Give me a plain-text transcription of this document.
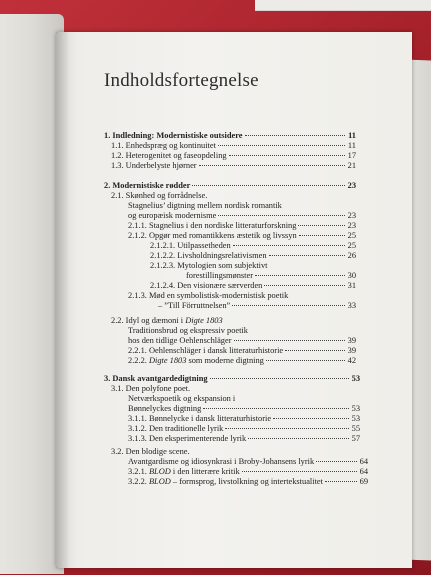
Indholdsfortegnelse
1. Indledning: Modernistiske outsidere	11
1.1. Enhedspræg og kontinuitet	11
1.2. Heterogenitet og faseopdeling	17
1.3. Underbelyste hjørner	21
2. Modernistiske rødder	23
2.1. Skønhed og forrådnelse.
Stagnelius’ digtning mellem nordisk romantik
og europæisk modernisme	23
2.1.1. Stagnelius i den nordiske litteraturforskning	23
2.1.2. Opgør med romantikkens æstetik og livssyn	25
2.1.2.1. Utilpassetheden	25
2.1.2.2. Livsholdningsrelativismen	26
2.1.2.3. Mytologien som subjektivt
forestillingsmønster	30
2.1.2.4. Den visionære særverden	31
2.1.3. Mød en symbolistisk-modernistisk poetik
– ”Till Förruttnelsen”	33
2.2. Idyl og dæmoni i Digte 1803
Traditionsbrud og ekspressiv poetik
hos den tidlige Oehlenschläger	39
2.2.1. Oehlenschläger i dansk litteraturhistorie	39
2.2.2. Digte 1803 som moderne digtning	42
3. Dansk avantgardedigtning	53
3.1. Den polyfone poet.
Netværkspoetik og ekspansion i
Bønnelyckes digtning	53
3.1.1. Bønnelycke i dansk litteraturhistorie	53
3.1.2. Den traditionelle lyrik	55
3.1.3. Den eksperimenterende lyrik	57
3.2. Den blodige scene.
Avantgardisme og idiosynkrasi i Broby-Johansens lyrik	64
3.2.1. BLOD i den litterære kritik	64
3.2.2. BLOD – formsprog, livstolkning og intertekstualitet	69
